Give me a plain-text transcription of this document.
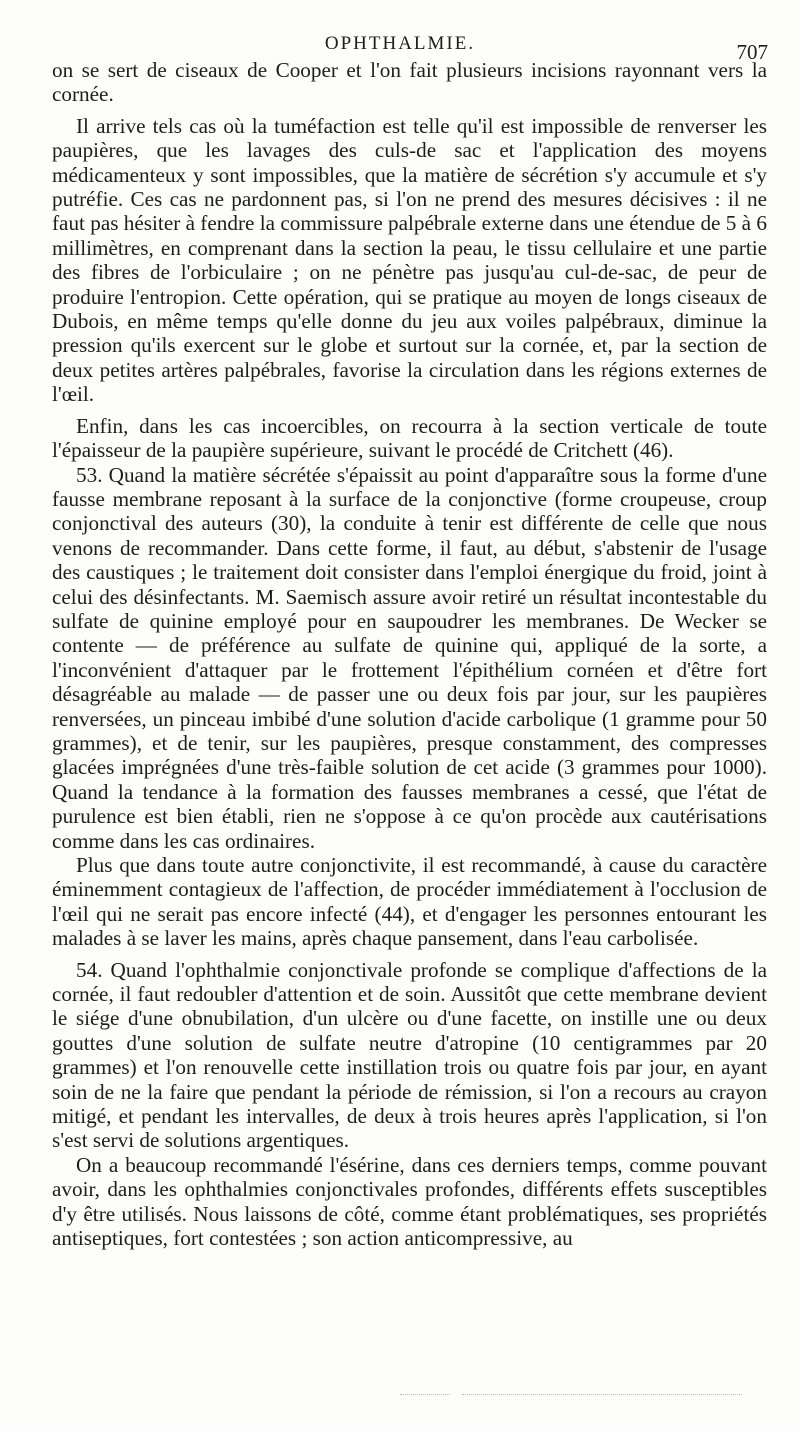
OPHTHALMIE.	707

on se sert de ciseaux de Cooper et l'on fait plusieurs incisions rayonnant vers la cornée.

Il arrive tels cas où la tuméfaction est telle qu'il est impossible de renverser les paupières, que les lavages des culs-de sac et l'application des moyens médicamenteux y sont impossibles, que la matière de sécrétion s'y accumule et s'y putréfie. Ces cas ne pardonnent pas, si l'on ne prend des mesures décisives : il ne faut pas hésiter à fendre la commissure palpébrale externe dans une étendue de 5 à 6 millimètres, en comprenant dans la section la peau, le tissu cellulaire et une partie des fibres de l'orbiculaire ; on ne pénètre pas jusqu'au cul-de-sac, de peur de produire l'entropion. Cette opération, qui se pratique au moyen de longs ciseaux de Dubois, en même temps qu'elle donne du jeu aux voiles palpébraux, diminue la pression qu'ils exercent sur le globe et surtout sur la cornée, et, par la section de deux petites artères palpébrales, favorise la circulation dans les régions externes de l'œil.

Enfin, dans les cas incoercibles, on recourra à la section verticale de toute l'épaisseur de la paupière supérieure, suivant le procédé de Critchett (46).

53. Quand la matière sécrétée s'épaissit au point d'apparaître sous la forme d'une fausse membrane reposant à la surface de la conjonctive (forme croupeuse, croup conjonctival des auteurs (30), la conduite à tenir est différente de celle que nous venons de recommander. Dans cette forme, il faut, au début, s'abstenir de l'usage des caustiques ; le traitement doit consister dans l'emploi énergique du froid, joint à celui des désinfectants. M. Saemisch assure avoir retiré un résultat incontestable du sulfate de quinine employé pour en saupoudrer les membranes. De Wecker se contente — de préférence au sulfate de quinine qui, appliqué de la sorte, a l'inconvénient d'attaquer par le frottement l'épithélium cornéen et d'être fort désagréable au malade — de passer une ou deux fois par jour, sur les paupières renversées, un pinceau imbibé d'une solution d'acide carbolique (1 gramme pour 50 grammes), et de tenir, sur les paupières, presque constamment, des compresses glacées imprégnées d'une très-faible solution de cet acide (3 grammes pour 1000). Quand la tendance à la formation des fausses membranes a cessé, que l'état de purulence est bien établi, rien ne s'oppose à ce qu'on procède aux cautérisations comme dans les cas ordinaires.

Plus que dans toute autre conjonctivite, il est recommandé, à cause du caractère éminemment contagieux de l'affection, de procéder immédiatement à l'occlusion de l'œil qui ne serait pas encore infecté (44), et d'engager les personnes entourant les malades à se laver les mains, après chaque pansement, dans l'eau carbolisée.

54. Quand l'ophthalmie conjonctivale profonde se complique d'affections de la cornée, il faut redoubler d'attention et de soin. Aussitôt que cette membrane devient le siége d'une obnubilation, d'un ulcère ou d'une facette, on instille une ou deux gouttes d'une solution de sulfate neutre d'atropine (10 centigrammes par 20 grammes) et l'on renouvelle cette instillation trois ou quatre fois par jour, en ayant soin de ne la faire que pendant la période de rémission, si l'on a recours au crayon mitigé, et pendant les intervalles, de deux à trois heures après l'application, si l'on s'est servi de solutions argentiques.

On a beaucoup recommandé l'ésérine, dans ces derniers temps, comme pouvant avoir, dans les ophthalmies conjonctivales profondes, différents effets susceptibles d'y être utilisés. Nous laissons de côté, comme étant problématiques, ses propriétés antiseptiques, fort contestées ; son action anticompressive, au
